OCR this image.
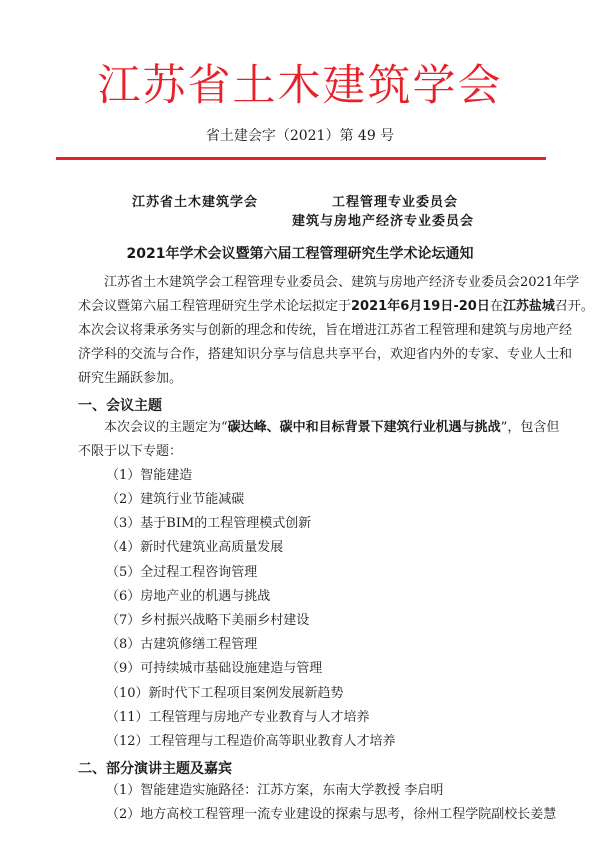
江苏省土木建筑学会
省土建会字（2021）第 49 号
江苏省土木建筑学会	工程管理专业委员会
建筑与房地产经济专业委员会
2021年学术会议暨第六届工程管理研究生学术论坛通知
江苏省土木建筑学会工程管理专业委员会、建筑与房地产经济专业委员会2021年学
术会议暨第六届工程管理研究生学术论坛拟定于2021年6月19日-20日在江苏盐城召开。
本次会议将秉承务实与创新的理念和传统，旨在增进江苏省工程管理和建筑与房地产经
济学科的交流与合作，搭建知识分享与信息共享平台，欢迎省内外的专家、专业人士和
研究生踊跃参加。
一、会议主题
本次会议的主题定为“碳达峰、碳中和目标背景下建筑行业机遇与挑战”，包含但
不限于以下专题：
（1）智能建造
（2）建筑行业节能减碳
（3）基于BIM的工程管理模式创新
（4）新时代建筑业高质量发展
（5）全过程工程咨询管理
（6）房地产业的机遇与挑战
（7）乡村振兴战略下美丽乡村建设
（8）古建筑修缮工程管理
（9）可持续城市基础设施建造与管理
（10）新时代下工程项目案例发展新趋势
（11）工程管理与房地产专业教育与人才培养
（12）工程管理与工程造价高等职业教育人才培养
二、部分演讲主题及嘉宾
（1）智能建造实施路径：江苏方案，东南大学教授 李启明
（2）地方高校工程管理一流专业建设的探索与思考，徐州工程学院副校长姜慧
